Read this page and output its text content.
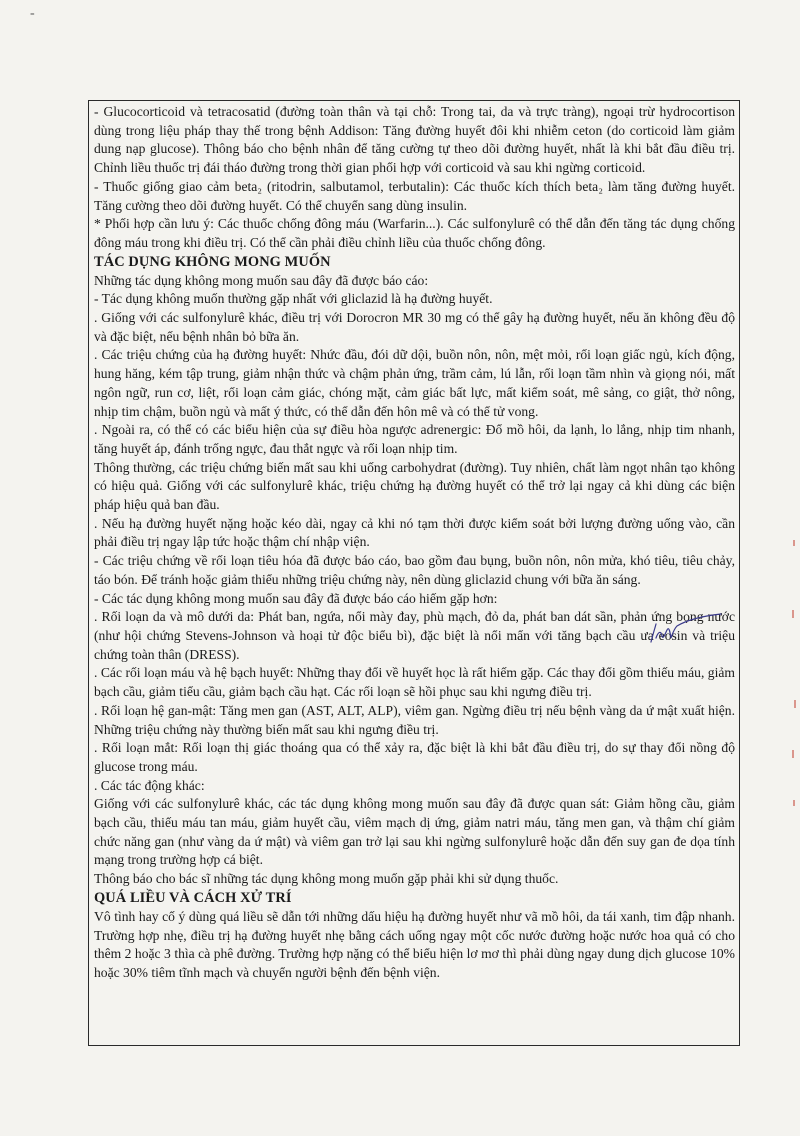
-

- Glucocorticoid và tetracosatid (đường toàn thân và tại chỗ: Trong tai, da và trực tràng), ngoại trừ hydrocortison dùng trong liệu pháp thay thế trong bệnh Addison: Tăng đường huyết đôi khi nhiễm ceton (do corticoid làm giảm dung nạp glucose). Thông báo cho bệnh nhân để tăng cường tự theo dõi đường huyết, nhất là khi bắt đầu điều trị. Chỉnh liều thuốc trị đái tháo đường trong thời gian phối hợp với corticoid và sau khi ngừng corticoid.

- Thuốc giống giao cảm beta₂ (ritodrin, salbutamol, terbutalin): Các thuốc kích thích beta₂ làm tăng đường huyết. Tăng cường theo dõi đường huyết. Có thể chuyển sang dùng insulin.

* Phối hợp cần lưu ý: Các thuốc chống đông máu (Warfarin...). Các sulfonylurê có thể dẫn đến tăng tác dụng chống đông máu trong khi điều trị. Có thể cần phải điều chỉnh liều của thuốc chống đông.

TÁC DỤNG KHÔNG MONG MUỐN

Những tác dụng không mong muốn sau đây đã được báo cáo:

- Tác dụng không muốn thường gặp nhất với gliclazid là hạ đường huyết.

. Giống với các sulfonylurê khác, điều trị với Dorocron MR 30 mg có thể gây hạ đường huyết, nếu ăn không đều độ và đặc biệt, nếu bệnh nhân bỏ bữa ăn.

. Các triệu chứng của hạ đường huyết: Nhức đầu, đói dữ dội, buồn nôn, nôn, mệt mỏi, rối loạn giấc ngủ, kích động, hung hăng, kém tập trung, giảm nhận thức và chậm phản ứng, trầm cảm, lú lẫn, rối loạn tầm nhìn và giọng nói, mất ngôn ngữ, run cơ, liệt, rối loạn cảm giác, chóng mặt, cảm giác bất lực, mất kiểm soát, mê sảng, co giật, thở nông, nhịp tim chậm, buồn ngủ và mất ý thức, có thể dẫn đến hôn mê và có thể tử vong.

. Ngoài ra, có thể có các biểu hiện của sự điều hòa ngược adrenergic: Đổ mồ hôi, da lạnh, lo lắng, nhịp tim nhanh, tăng huyết áp, đánh trống ngực, đau thắt ngực và rối loạn nhịp tim.

Thông thường, các triệu chứng biến mất sau khi uống carbohydrat (đường). Tuy nhiên, chất làm ngọt nhân tạo không có hiệu quả. Giống với các sulfonylurê khác, triệu chứng hạ đường huyết có thể trở lại ngay cả khi dùng các biện pháp hiệu quả ban đầu.

. Nếu hạ đường huyết nặng hoặc kéo dài, ngay cả khi nó tạm thời được kiểm soát bởi lượng đường uống vào, cần phải điều trị ngay lập tức hoặc thậm chí nhập viện.

- Các triệu chứng về rối loạn tiêu hóa đã được báo cáo, bao gồm đau bụng, buồn nôn, nôn mửa, khó tiêu, tiêu chảy, táo bón. Để tránh hoặc giảm thiểu những triệu chứng này, nên dùng gliclazid chung với bữa ăn sáng.

- Các tác dụng không mong muốn sau đây đã được báo cáo hiếm gặp hơn:

. Rối loạn da và mô dưới da: Phát ban, ngứa, nổi mày đay, phù mạch, đỏ da, phát ban dát sần, phản ứng bọng nước (như hội chứng Stevens-Johnson và hoại tử độc biểu bì), đặc biệt là nổi mẩn với tăng bạch cầu ưa eosin và triệu chứng toàn thân (DRESS).

. Các rối loạn máu và hệ bạch huyết: Những thay đổi về huyết học là rất hiếm gặp. Các thay đổi gồm thiếu máu, giảm bạch cầu, giảm tiểu cầu, giảm bạch cầu hạt. Các rối loạn sẽ hồi phục sau khi ngưng điều trị.

. Rối loạn hệ gan-mật: Tăng men gan (AST, ALT, ALP), viêm gan. Ngừng điều trị nếu bệnh vàng da ứ mật xuất hiện. Những triệu chứng này thường biến mất sau khi ngưng điều trị.

. Rối loạn mắt: Rối loạn thị giác thoáng qua có thể xảy ra, đặc biệt là khi bắt đầu điều trị, do sự thay đổi nồng độ glucose trong máu.

. Các tác động khác:

Giống với các sulfonylurê khác, các tác dụng không mong muốn sau đây đã được quan sát: Giảm hồng cầu, giảm bạch cầu, thiếu máu tan máu, giảm huyết cầu, viêm mạch dị ứng, giảm natri máu, tăng men gan, và thậm chí giảm chức năng gan (như vàng da ứ mật) và viêm gan trở lại sau khi ngừng sulfonylurê hoặc dẫn đến suy gan đe dọa tính mạng trong trường hợp cá biệt.

Thông báo cho bác sĩ những tác dụng không mong muốn gặp phải khi sử dụng thuốc.

QUÁ LIỀU VÀ CÁCH XỬ TRÍ

Vô tình hay cố ý dùng quá liều sẽ dẫn tới những dấu hiệu hạ đường huyết như vã mồ hôi, da tái xanh, tim đập nhanh. Trường hợp nhẹ, điều trị hạ đường huyết nhẹ bằng cách uống ngay một cốc nước đường hoặc nước hoa quả có cho thêm 2 hoặc 3 thìa cà phê đường. Trường hợp nặng có thể biểu hiện lơ mơ thì phải dùng ngay dung dịch glucose 10% hoặc 30% tiêm tĩnh mạch và chuyển người bệnh đến bệnh viện.
